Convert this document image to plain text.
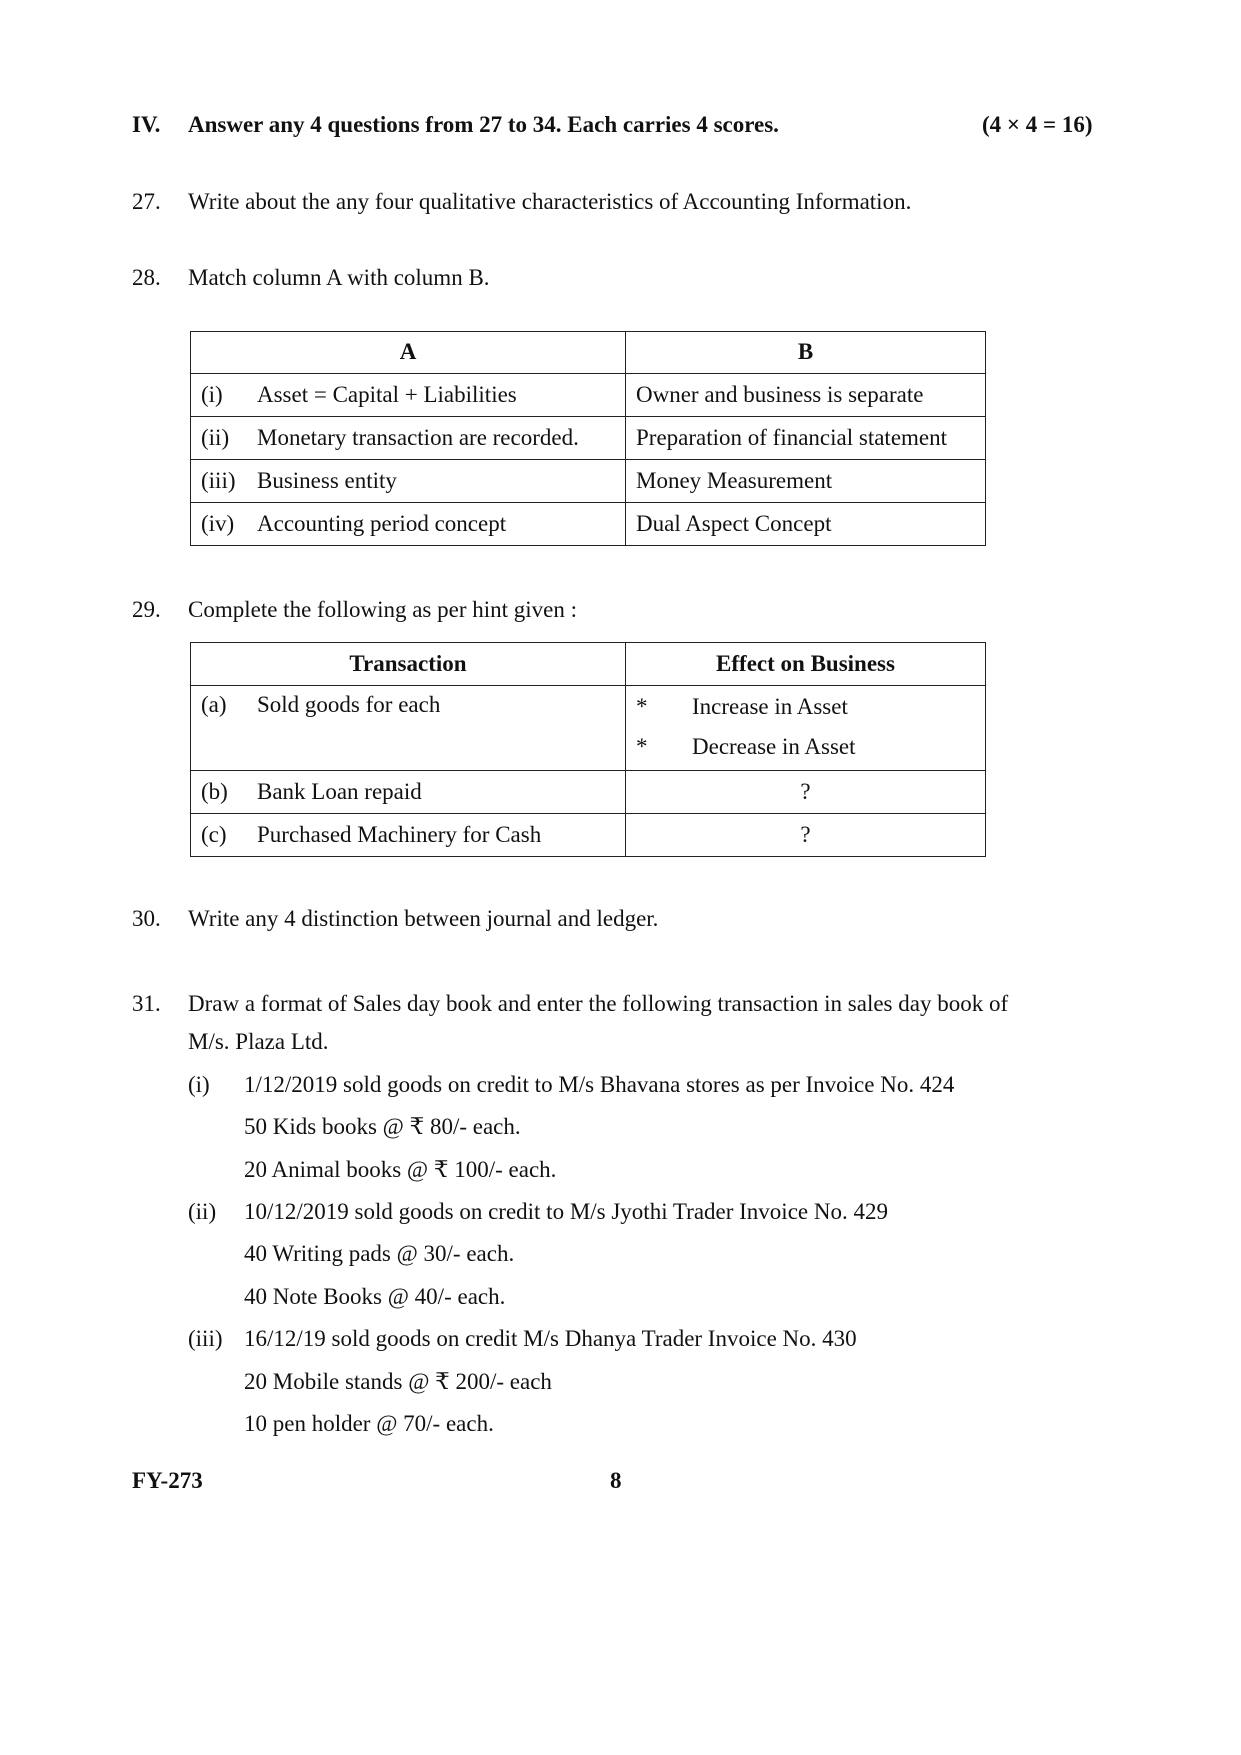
IV. Answer any 4 questions from 27 to 34. Each carries 4 scores.	(4 × 4 = 16)
27. Write about the any four qualitative characteristics of Accounting Information.
28. Match column A with column B.
A	B
(i) Asset = Capital + Liabilities	Owner and business is separate
(ii) Monetary transaction are recorded.	Preparation of financial statement
(iii) Business entity	Money Measurement
(iv) Accounting period concept	Dual Aspect Concept
29. Complete the following as per hint given :
Transaction	Effect on Business
(a) Sold goods for each	* Increase in Asset
* Decrease in Asset

(b) Bank Loan repaid	?
(c) Purchased Machinery for Cash	?
30. Write any 4 distinction between journal and ledger.
31. Draw a format of Sales day book and enter the following transaction in sales day book of
M/s. Plaza Ltd.
(i) 1/12/2019 sold goods on credit to M/s Bhavana stores as per Invoice No. 424
50 Kids books @ ₹ 80/- each.
20 Animal books @ ₹ 100/- each.
(ii) 10/12/2019 sold goods on credit to M/s Jyothi Trader Invoice No. 429
40 Writing pads @ 30/- each.
40 Note Books @ 40/- each.
(iii) 16/12/19 sold goods on credit M/s Dhanya Trader Invoice No. 430
20 Mobile stands @ ₹ 200/- each
10 pen holder @ 70/- each.
FY-273	8
